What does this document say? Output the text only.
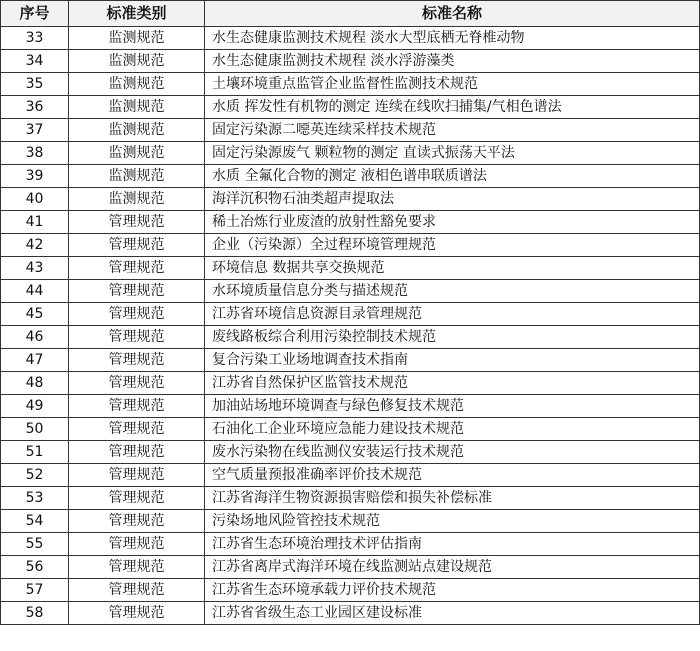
序号	标准类别	标准名称
33	监测规范	水生态健康监测技术规程 淡水大型底栖无脊椎动物
34	监测规范	水生态健康监测技术规程 淡水浮游藻类
35	监测规范	土壤环境重点监管企业监督性监测技术规范
36	监测规范	水质 挥发性有机物的测定 连续在线吹扫捕集/气相色谱法
37	监测规范	固定污染源二噁英连续采样技术规范
38	监测规范	固定污染源废气 颗粒物的测定 直读式振荡天平法
39	监测规范	水质 全氟化合物的测定 液相色谱串联质谱法
40	监测规范	海洋沉积物石油类超声提取法
41	管理规范	稀土冶炼行业废渣的放射性豁免要求
42	管理规范	企业（污染源）全过程环境管理规范
43	管理规范	环境信息 数据共享交换规范
44	管理规范	水环境质量信息分类与描述规范
45	管理规范	江苏省环境信息资源目录管理规范
46	管理规范	废线路板综合利用污染控制技术规范
47	管理规范	复合污染工业场地调查技术指南
48	管理规范	江苏省自然保护区监管技术规范
49	管理规范	加油站场地环境调查与绿色修复技术规范
50	管理规范	石油化工企业环境应急能力建设技术规范
51	管理规范	废水污染物在线监测仪安装运行技术规范
52	管理规范	空气质量预报准确率评价技术规范
53	管理规范	江苏省海洋生物资源损害赔偿和损失补偿标准
54	管理规范	污染场地风险管控技术规范
55	管理规范	江苏省生态环境治理技术评估指南
56	管理规范	江苏省离岸式海洋环境在线监测站点建设规范
57	管理规范	江苏省生态环境承载力评价技术规范
58	管理规范	江苏省省级生态工业园区建设标准
